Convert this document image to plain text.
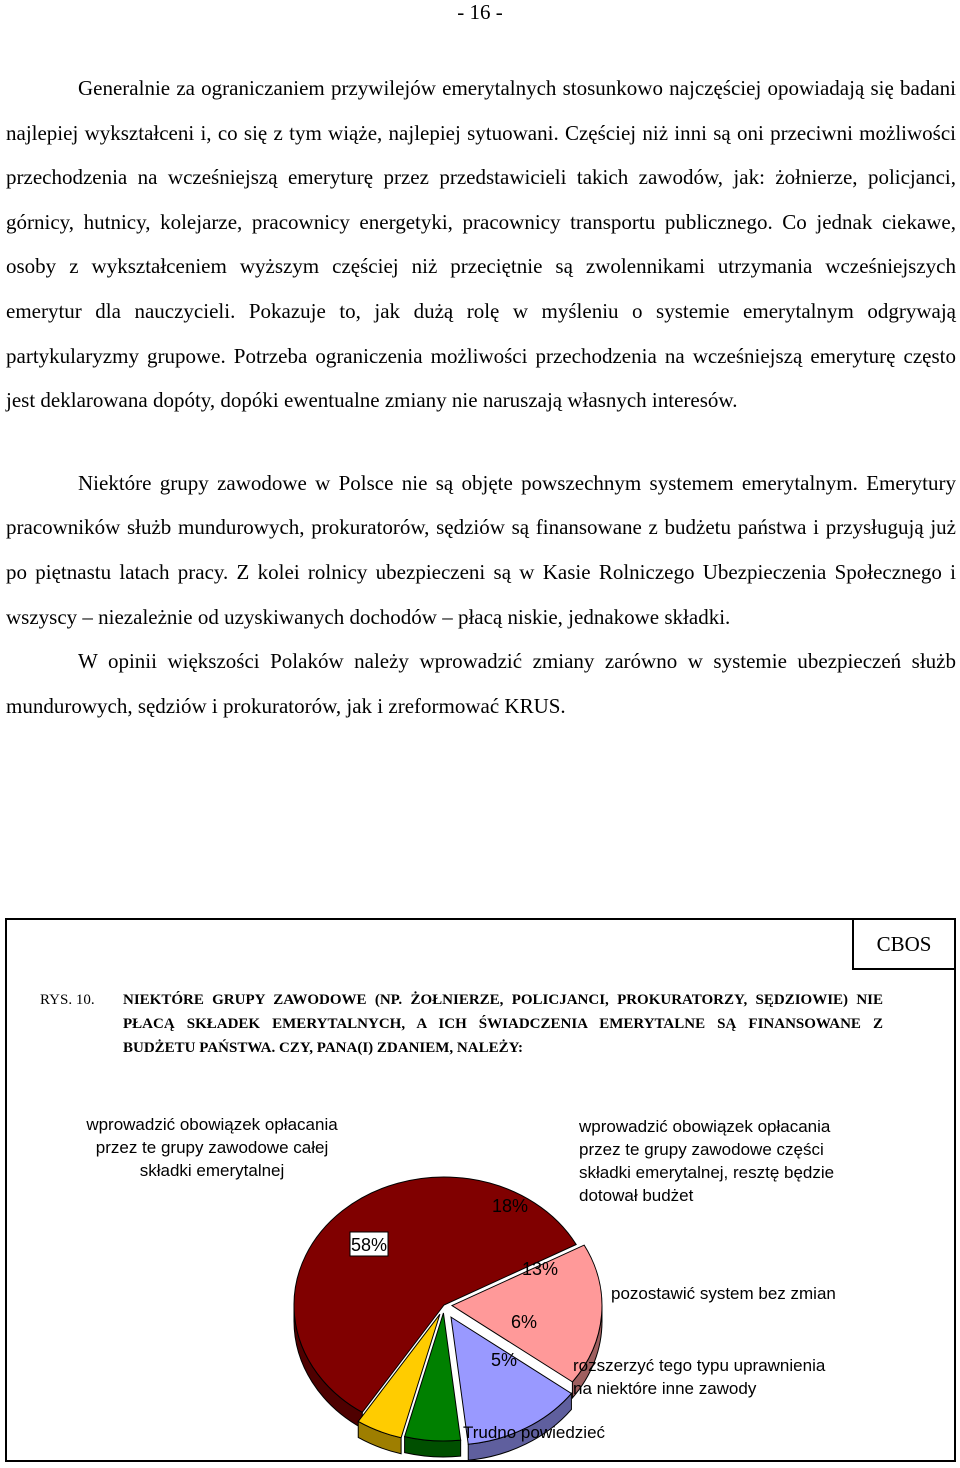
- 16 -

Generalnie za ograniczaniem przywilejów emerytalnych stosunkowo najczęściej opowiadają się badani najlepiej wykształceni i, co się z tym wiąże, najlepiej sytuowani. Częściej niż inni są oni przeciwni możliwości przechodzenia na wcześniejszą emeryturę przez przedstawicieli takich zawodów, jak: żołnierze, policjanci, górnicy, hutnicy, kolejarze, pracownicy energetyki, pracownicy transportu publicznego. Co jednak ciekawe, osoby z wykształceniem wyższym częściej niż przeciętnie są zwolennikami utrzymania wcześniejszych emerytur dla nauczycieli. Pokazuje to, jak dużą rolę w myśleniu o systemie emerytalnym odgrywają partykularyzmy grupowe. Potrzeba ograniczenia możliwości przechodzenia na wcześniejszą emeryturę często jest deklarowana dopóty, dopóki ewentualne zmiany nie naruszają własnych interesów.

Niektóre grupy zawodowe w Polsce nie są objęte powszechnym systemem emerytalnym. Emerytury pracowników służb mundurowych, prokuratorów, sędziów są finansowane z budżetu państwa i przysługują już po piętnastu latach pracy. Z kolei rolnicy ubezpieczeni są w Kasie Rolniczego Ubezpieczenia Społecznego i wszyscy – niezależnie od uzyskiwanych dochodów – płacą niskie, jednakowe składki.

W opinii większości Polaków należy wprowadzić zmiany zarówno w systemie ubezpieczeń służb mundurowych, sędziów i prokuratorów, jak i zreformować KRUS.

CBOS
RYS. 10. NIEKTÓRE GRUPY ZAWODOWE (NP. ŻOŁNIERZE, POLICJANCI, PROKURATORZY, SĘDZIOWIE) NIE PŁACĄ SKŁADEK EMERYTALNYCH, A ICH ŚWIADCZENIA EMERYTALNE SĄ FINANSOWANE Z BUDŻETU PAŃSTWA. CZY, PANA(I) ZDANIEM, NALEŻY:
58%
18%
13%
6%
5%
wprowadzić obowiązek opłacania przez te grupy zawodowe całej składki emerytalnej
wprowadzić obowiązek opłacania przez te grupy zawodowe części składki emerytalnej, resztę będzie dotował budżet
pozostawić system bez zmian
rozszerzyć tego typu uprawnienia na niektóre inne zawody
Trudno powiedzieć
